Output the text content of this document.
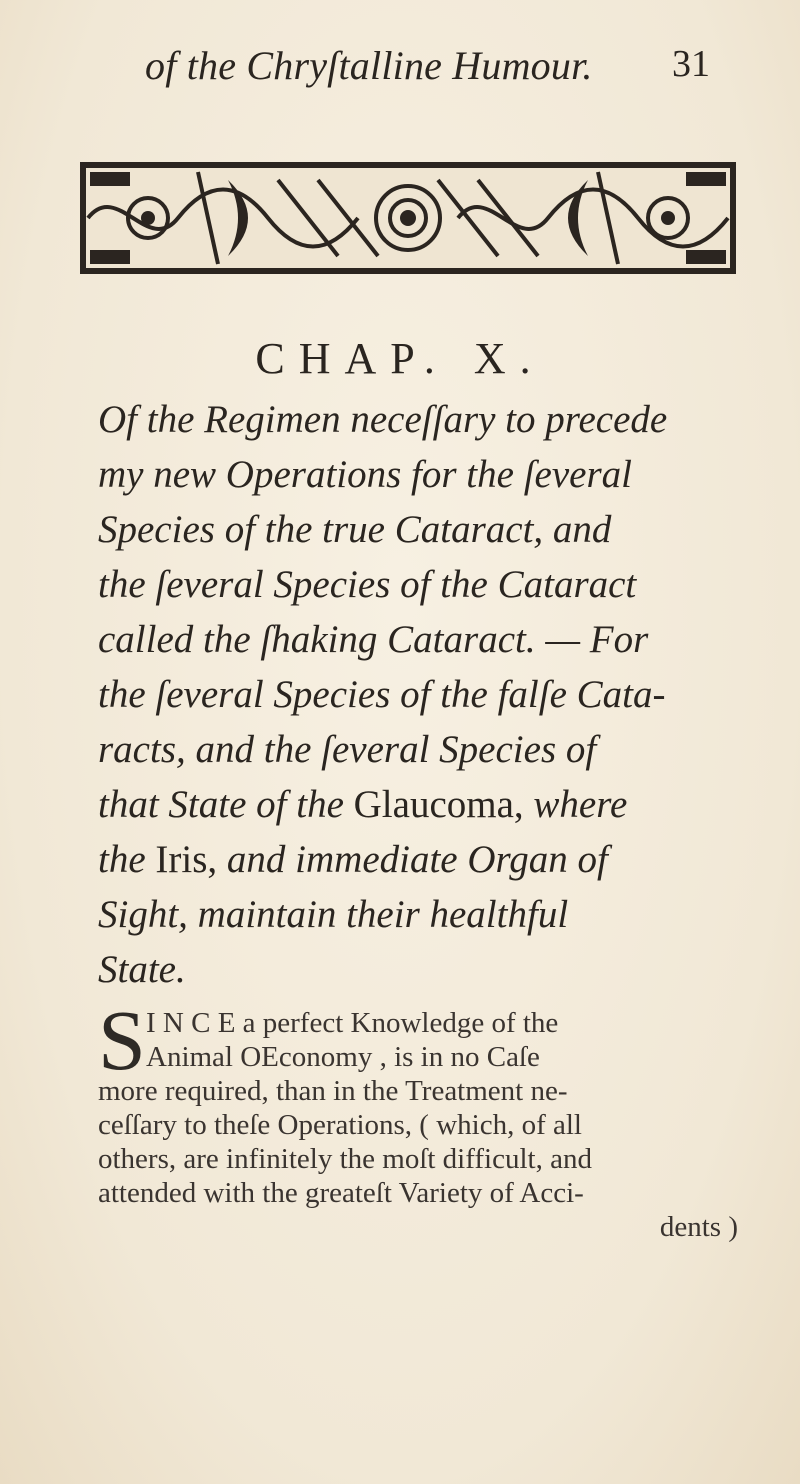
of the Chryſtalline Humour.	31
CHAP. X.
Of the Regimen neceſſary to precede
my new Operations for the ſeveral
Species of the true Cataract, and
the ſeveral Species of the Cataract
called the ſhaking Cataract. — For
the ſeveral Species of the falſe Cata-
racts, and the ſeveral Species of
that State of the Glaucoma, where
the Iris, and immediate Organ of
Sight, maintain their healthful
State.
S I N C E a perfect Knowledge of the
Animal OEconomy , is in no Caſe
more required, than in the Treatment ne-
ceſſary to theſe Operations, ( which, of all
others, are infinitely the moſt difficult, and
attended with the greateſt Variety of Acci-
dents )
